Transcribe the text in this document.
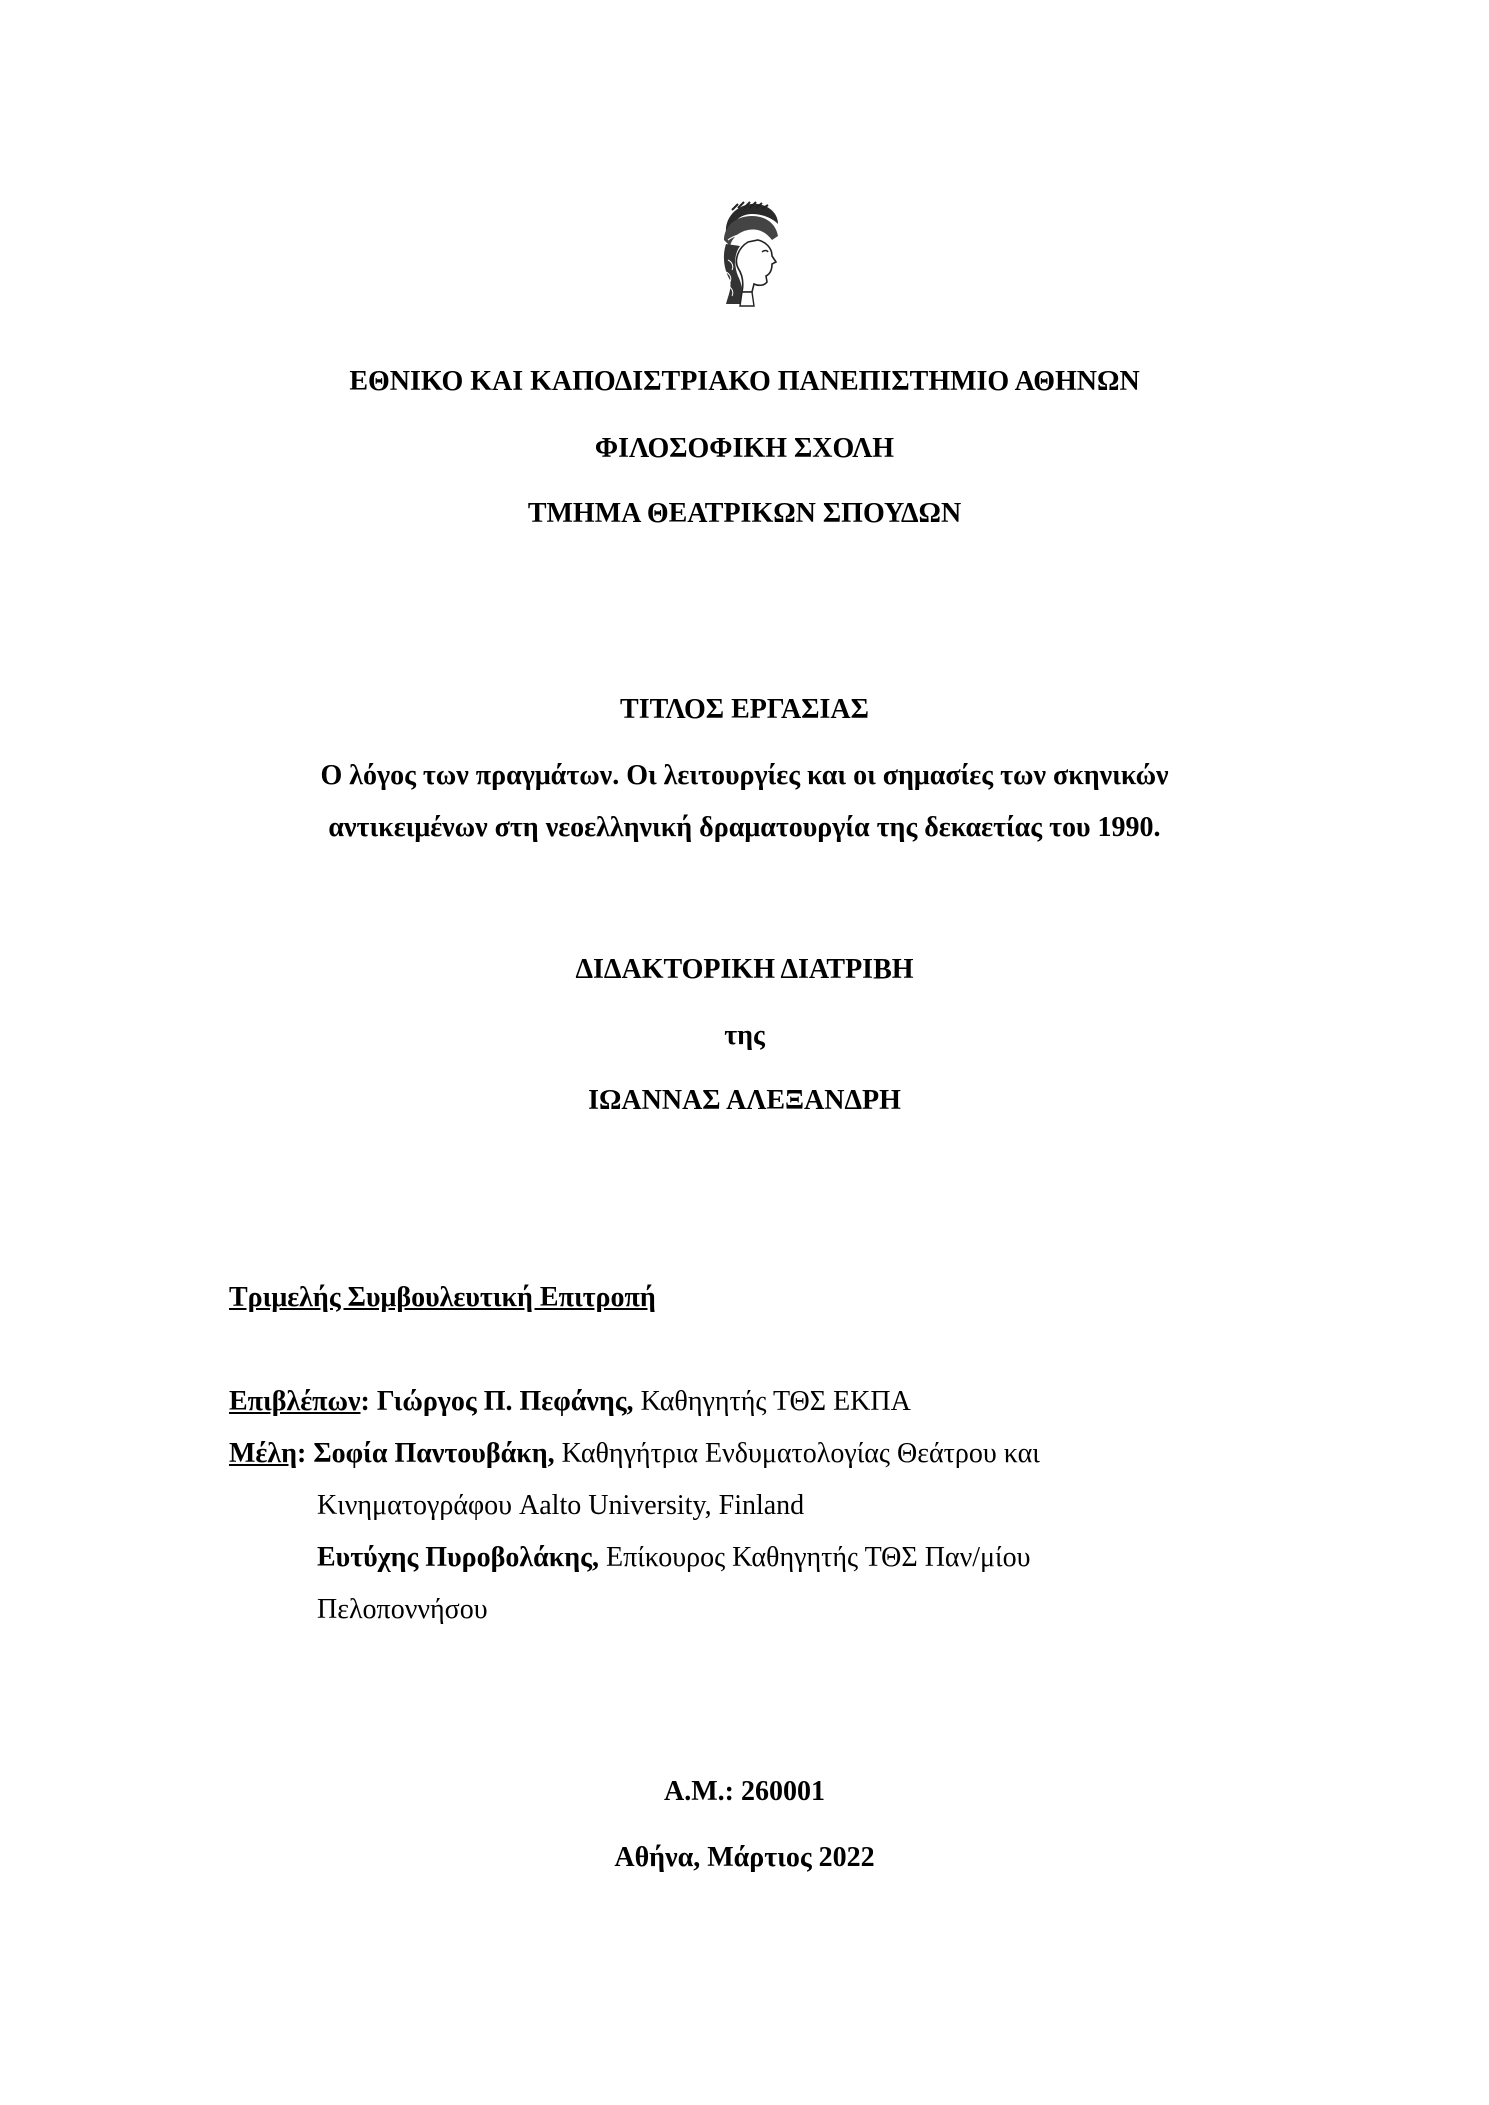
ΕΘΝΙΚΟ ΚΑΙ ΚΑΠΟΔΙΣΤΡΙΑΚΟ ΠΑΝΕΠΙΣΤΗΜΙΟ ΑΘΗΝΩΝ
ΦΙΛΟΣΟΦΙΚΗ ΣΧΟΛΗ
ΤΜΗΜΑ ΘΕΑΤΡΙΚΩΝ ΣΠΟΥΔΩΝ
ΤΙΤΛΟΣ ΕΡΓΑΣΙΑΣ
Ο λόγος των πραγμάτων. Οι λειτουργίες και οι σημασίες των σκηνικών
αντικειμένων στη νεοελληνική δραματουργία της δεκαετίας του 1990.
ΔΙΔΑΚΤΟΡΙΚΗ ΔΙΑΤΡΙΒΗ
της
ΙΩΑΝΝΑΣ ΑΛΕΞΑΝΔΡΗ
Τριμελής Συμβουλευτική Επιτροπή
Επιβλέπων: Γιώργος Π. Πεφάνης, Καθηγητής ΤΘΣ ΕΚΠΑ
Μέλη: Σοφία Παντουβάκη, Καθηγήτρια Ενδυματολογίας Θεάτρου και
Κινηματογράφου Aalto University, Finland
Ευτύχης Πυροβολάκης, Επίκουρος Καθηγητής ΤΘΣ Παν/μίου
Πελοποννήσου
Α.Μ.: 260001
Αθήνα, Μάρτιος 2022
